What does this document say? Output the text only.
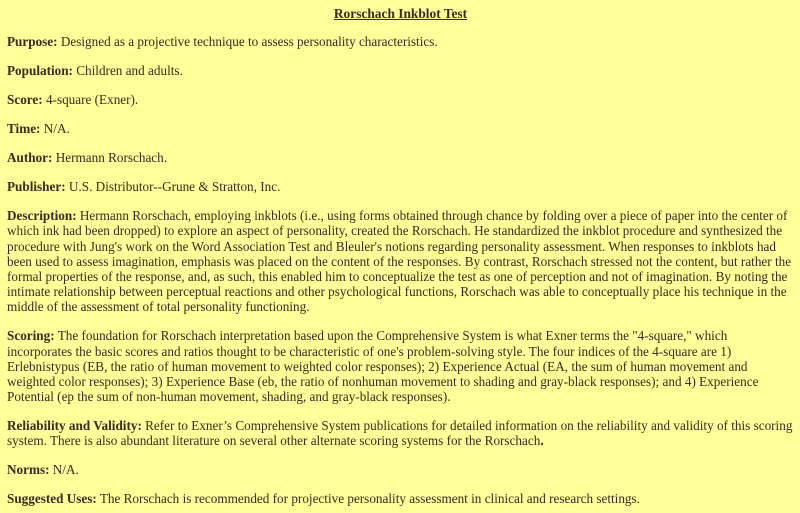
Rorschach Inkblot Test
Purpose: Designed as a projective technique to assess personality characteristics.
Population: Children and adults.
Score: 4-square (Exner).
Time: N/A.
Author: Hermann Rorschach.
Publisher: U.S. Distributor--Grune & Stratton, Inc.
Description: Hermann Rorschach, employing inkblots (i.e., using forms obtained through chance by folding over a piece of paper into the center of which ink had been dropped) to explore an aspect of personality, created the Rorschach. He standardized the inkblot procedure and synthesized the procedure with Jung's work on the Word Association Test and Bleuler's notions regarding personality assessment. When responses to inkblots had been used to assess imagination, emphasis was placed on the content of the responses. By contrast, Rorschach stressed not the content, but rather the formal properties of the response, and, as such, this enabled him to conceptualize the test as one of perception and not of imagination. By noting the intimate relationship between perceptual reactions and other psychological functions, Rorschach was able to conceptually place his technique in the middle of the assessment of total personality functioning.
Scoring: The foundation for Rorschach interpretation based upon the Comprehensive System is what Exner terms the "4-square," which incorporates the basic scores and ratios thought to be characteristic of one's problem-solving style. The four indices of the 4-square are 1) Erlebnistypus (EB, the ratio of human movement to weighted color responses); 2) Experience Actual (EA, the sum of human movement and weighted color responses); 3) Experience Base (eb, the ratio of nonhuman movement to shading and gray-black responses); and 4) Experience Potential (ep the sum of non-human movement, shading, and gray-black responses).
Reliability and Validity: Refer to Exner’s Comprehensive System publications for detailed information on the reliability and validity of this scoring system. There is also abundant literature on several other alternate scoring systems for the Rorschach.
Norms: N/A.
Suggested Uses: The Rorschach is recommended for projective personality assessment in clinical and research settings.
